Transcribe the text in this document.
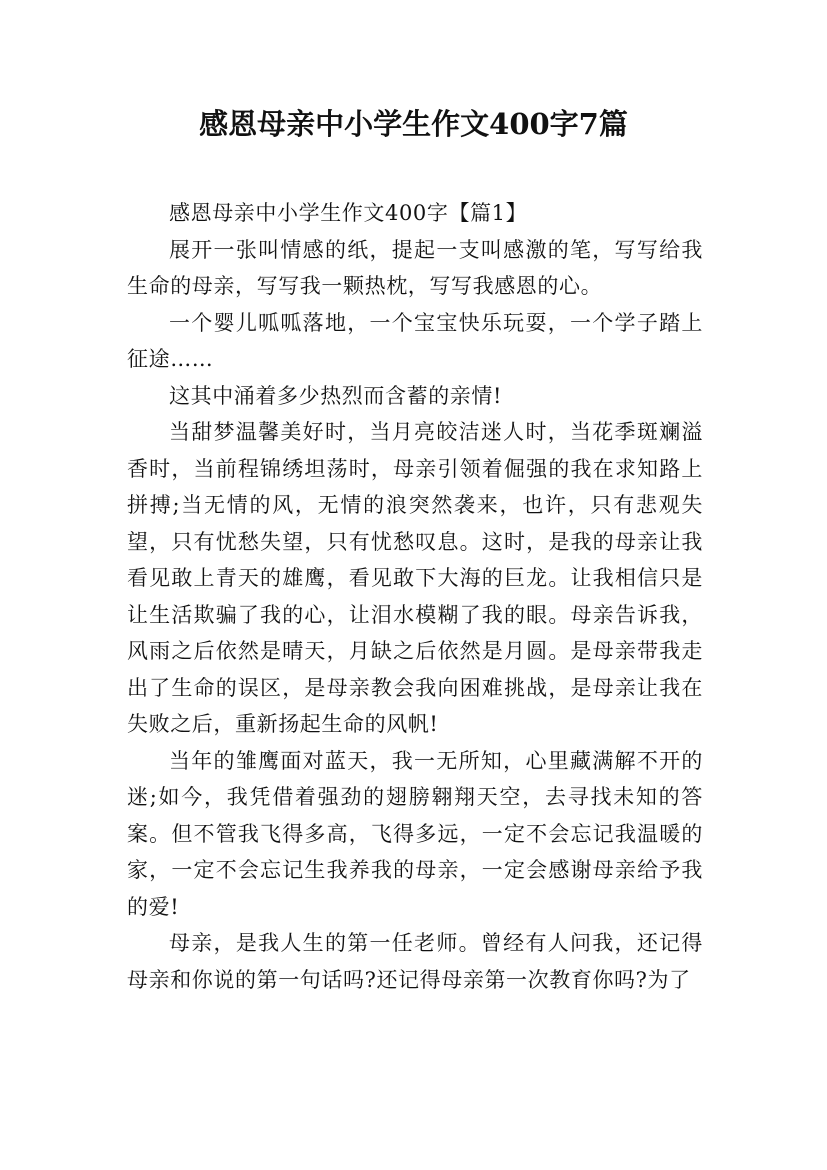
感恩母亲中小学生作文400字7篇

感恩母亲中小学生作文400字【篇1】

展开一张叫情感的纸，提起一支叫感激的笔，写写给我生命的母亲，写写我一颗热枕，写写我感恩的心。

一个婴儿呱呱落地，一个宝宝快乐玩耍，一个学子踏上征途……

这其中涌着多少热烈而含蓄的亲情!

当甜梦温馨美好时，当月亮皎洁迷人时，当花季斑斓溢香时，当前程锦绣坦荡时，母亲引领着倔强的我在求知路上拼搏;当无情的风，无情的浪突然袭来，也许，只有悲观失望，只有忧愁失望，只有忧愁叹息。这时，是我的母亲让我看见敢上青天的雄鹰，看见敢下大海的巨龙。让我相信只是让生活欺骗了我的心，让泪水模糊了我的眼。母亲告诉我，风雨之后依然是晴天，月缺之后依然是月圆。是母亲带我走出了生命的误区，是母亲教会我向困难挑战，是母亲让我在失败之后，重新扬起生命的风帆!

当年的雏鹰面对蓝天，我一无所知，心里藏满解不开的迷;如今，我凭借着强劲的翅膀翱翔天空，去寻找未知的答案。但不管我飞得多高，飞得多远，一定不会忘记我温暖的家，一定不会忘记生我养我的母亲，一定会感谢母亲给予我的爱!

母亲，是我人生的第一任老师。曾经有人问我，还记得母亲和你说的第一句话吗?还记得母亲第一次教育你吗?为了
